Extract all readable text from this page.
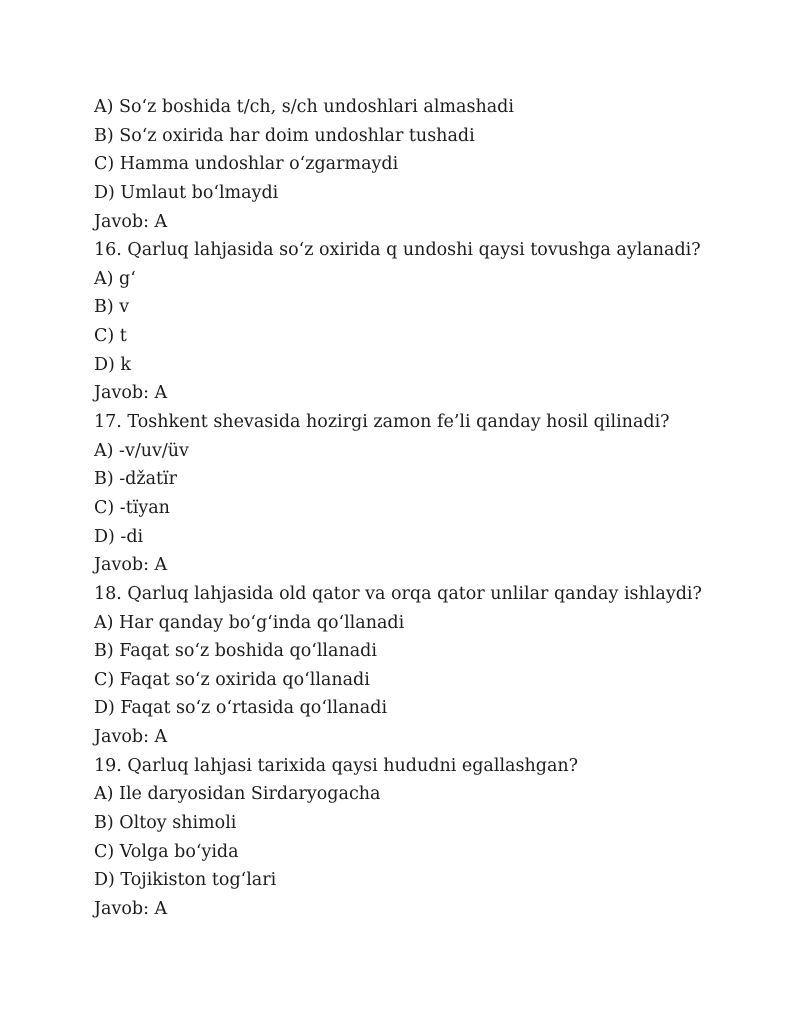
A) So‘z boshida t/ch, s/ch undoshlari almashadi
B) So‘z oxirida har doim undoshlar tushadi
C) Hamma undoshlar o‘zgarmaydi
D) Umlaut bo‘lmaydi
Javob: A
16. Qarluq lahjasida so‘z oxirida q undoshi qaysi tovushga aylanadi?
A) g‘
B) v
C) t
D) k
Javob: A
17. Toshkent shevasida hozirgi zamon fe’li qanday hosil qilinadi?
A) -v/uv/üv
B) -džatïr
C) -tïyan
D) -di
Javob: A
18. Qarluq lahjasida old qator va orqa qator unlilar qanday ishlaydi?
A) Har qanday bo‘g‘inda qo‘llanadi
B) Faqat so‘z boshida qo‘llanadi
C) Faqat so‘z oxirida qo‘llanadi
D) Faqat so‘z o‘rtasida qo‘llanadi
Javob: A
19. Qarluq lahjasi tarixida qaysi hududni egallashgan?
A) Ile daryosidan Sirdaryogacha
B) Oltoy shimoli
C) Volga bo‘yida
D) Tojikiston tog‘lari
Javob: A
